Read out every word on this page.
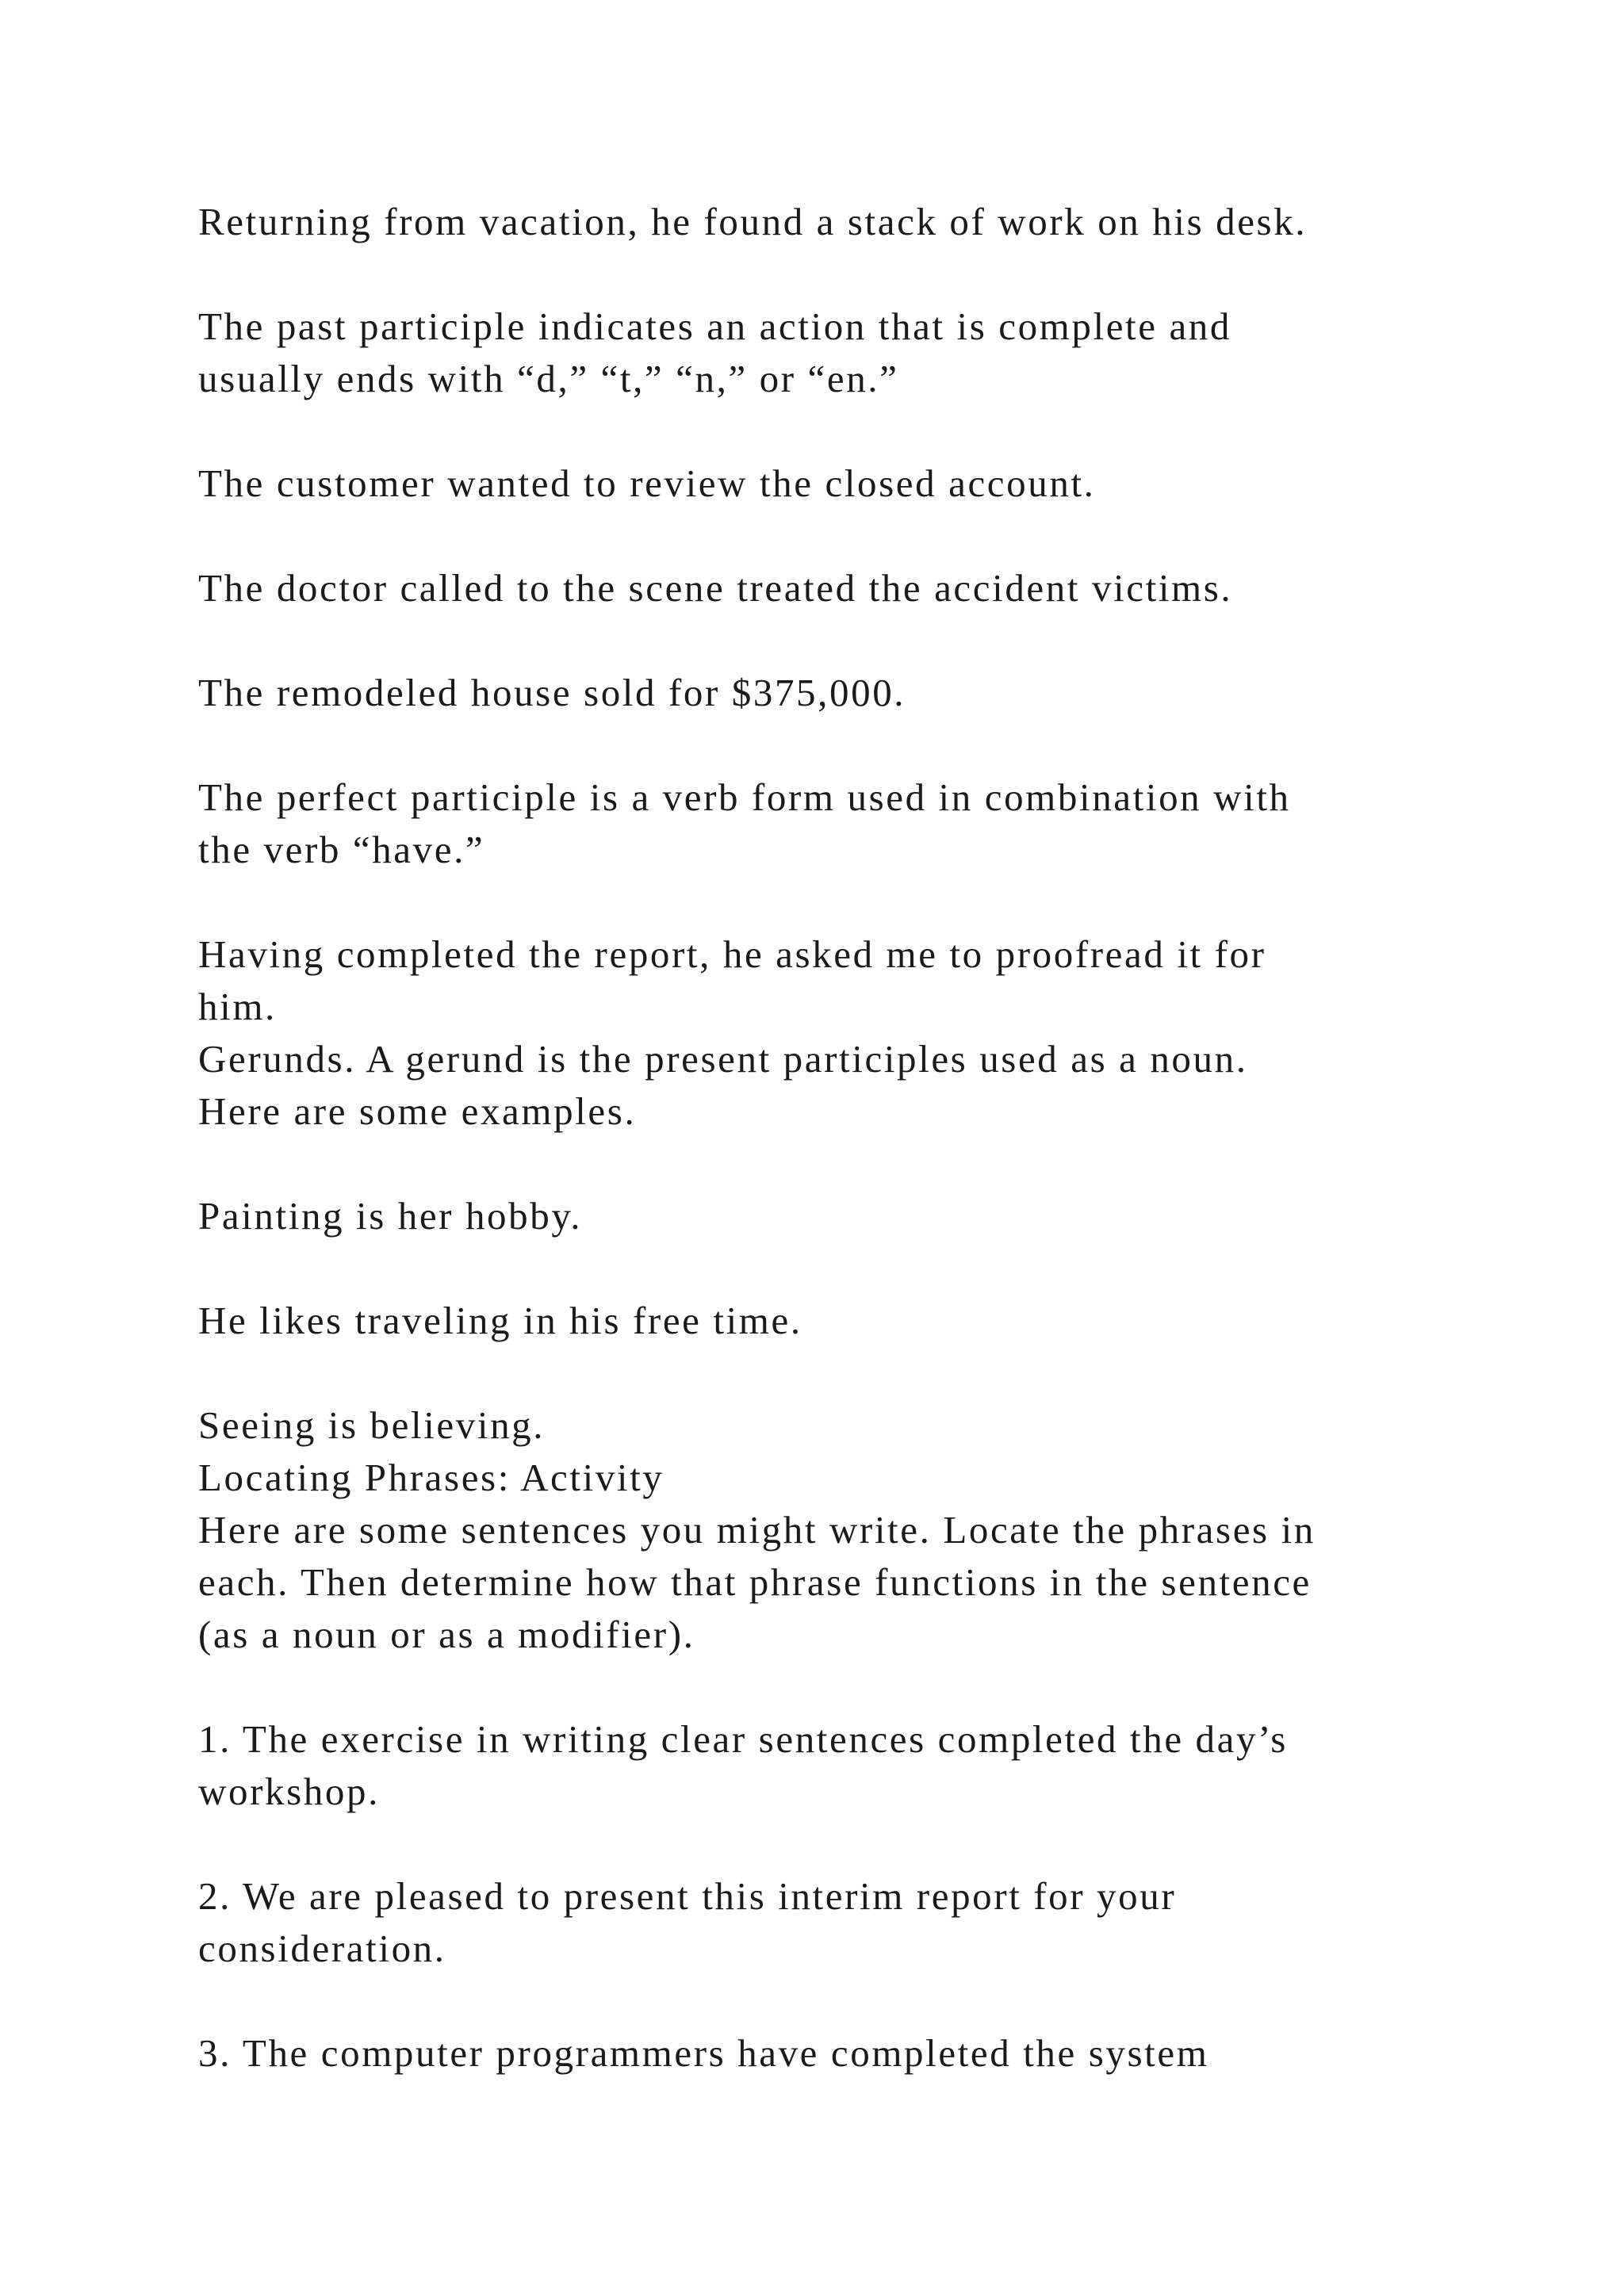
Returning from vacation, he found a stack of work on his desk.
The past participle indicates an action that is complete and
usually ends with “d,” “t,” “n,” or “en.”
The customer wanted to review the closed account.
The doctor called to the scene treated the accident victims.
The remodeled house sold for $375,000.
The perfect participle is a verb form used in combination with
the verb “have.”
Having completed the report, he asked me to proofread it for
him.
Gerunds. A gerund is the present participles used as a noun.
Here are some examples.
Painting is her hobby.
He likes traveling in his free time.
Seeing is believing.
Locating Phrases: Activity
Here are some sentences you might write. Locate the phrases in
each. Then determine how that phrase functions in the sentence
(as a noun or as a modifier).
1. The exercise in writing clear sentences completed the day’s
workshop.
2. We are pleased to present this interim report for your
consideration.
3. The computer programmers have completed the system
